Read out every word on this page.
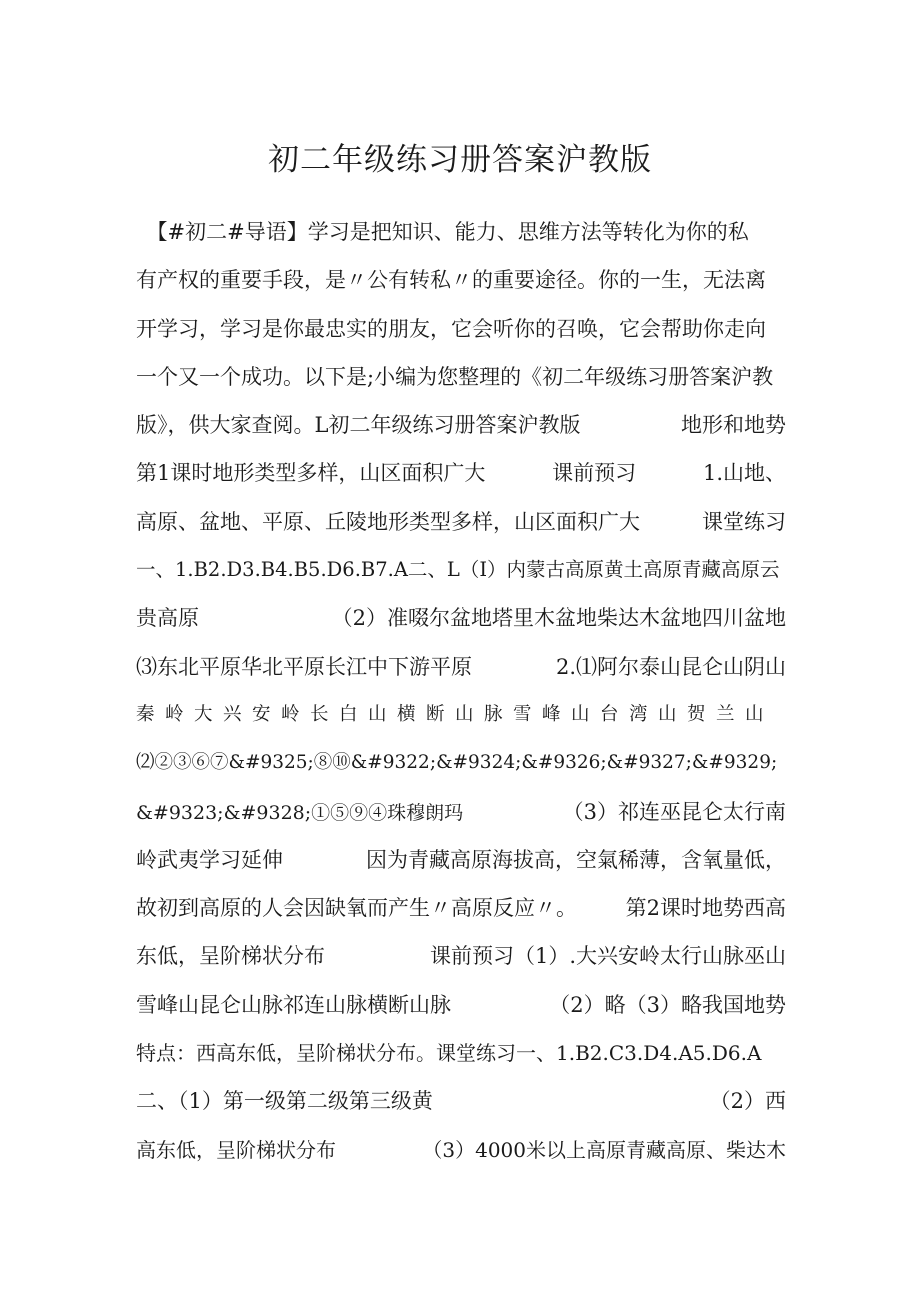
初二年级练习册答案沪教版
　【#初二#导语】学习是把知识、能力、思维方法等转化为你的私
有产权的重要手段，是〃公有转私〃的重要途径。你的一生，无法离
开学习，学习是你最忠实的朋友，它会听你的召唤，它会帮助你走向
一个又一个成功。以下是;小编为您整理的《初二年级练习册答案沪教
版》，供大家查阅。L初二年级练习册答案沪教版	地形和地势
第1课时地形类型多样，山区面积广大	课前预习	1.山地、
高原、盆地、平原、丘陵地形类型多样，山区面积广大	课堂练习
一、1.B2.D3.B4.B5.D6.B7.A二、L（I）内蒙古高原黄土高原青藏高原云
贵高原	（2）准啜尔盆地塔里木盆地柴达木盆地四川盆地
⑶东北平原华北平原长江中下游平原	2.⑴阿尔泰山昆仑山阴山
秦岭大兴安岭长白山横断山脉雪峰山台湾山贺兰山
⑵②③⑥⑦&#9325;⑧⑩&#9322;&#9324;&#9326;&#9327;&#9329;
&#9323;&#9328;①⑤⑨④珠穆朗玛	（3）祁连巫昆仑太行南
岭武夷学习延伸	因为青藏高原海拔高，空氣稀薄，含氧量低，
故初到高原的人会因缺氧而产生〃高原反应〃。 第2课时地势西高
东低，呈阶梯状分布	课前预习（1）.大兴安岭太行山脉巫山
雪峰山昆仑山脉祁连山脉横断山脉	（2）略（3）略我国地势
特点：西高东低，呈阶梯状分布。课堂练习一、1.B2.C3.D4.A5.D6.A
二、（1）第一级第二级第三级黄	（2）西
高东低，呈阶梯状分布	（3）4000米以上高原青藏高原、柴达木
